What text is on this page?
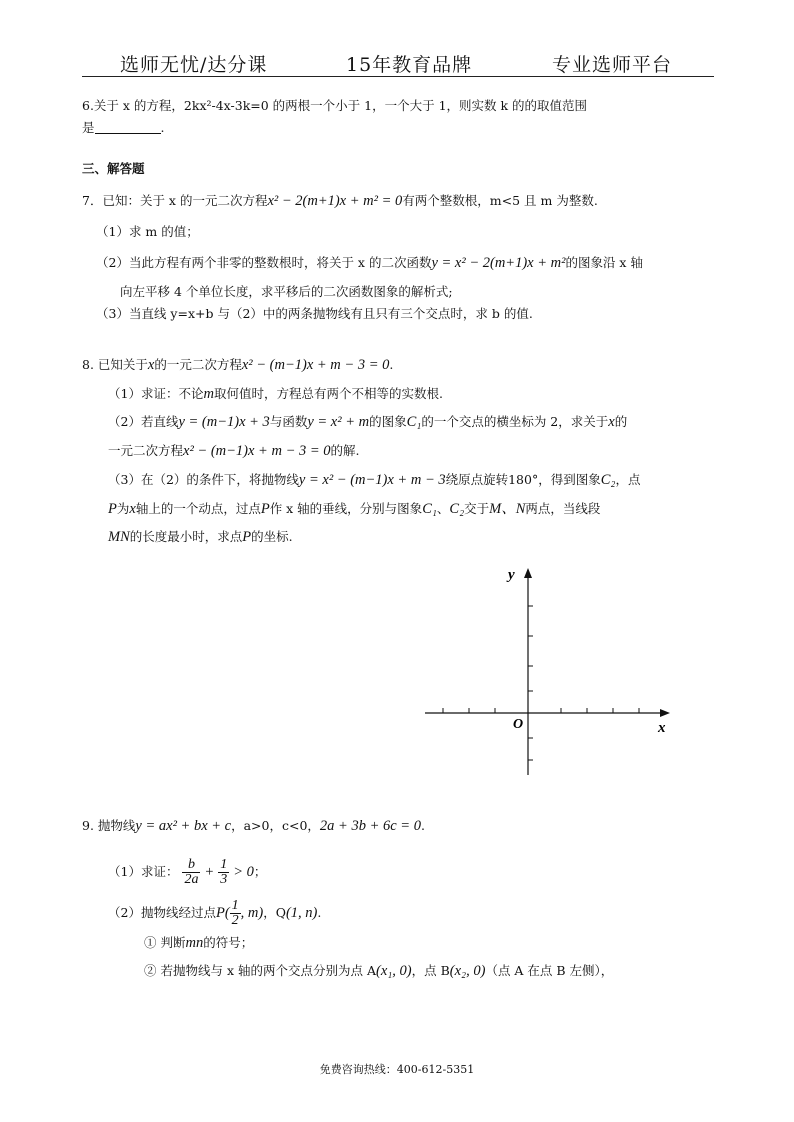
选师无忧/达分课	15年教育品牌	专业选师平台
6.关于 x 的方程，2kx²-4x-3k=0 的两根一个小于 1，一个大于 1，则实数 k 的的取值范围
是	.
三、解答题
7．已知：关于 x 的一元二次方程x² − 2(m+1)x + m² = 0有两个整数根，m<5 且 m 为整数.
（1）求 m 的值；
（2）当此方程有两个非零的整数根时，将关于 x 的二次函数y = x² − 2(m+1)x + m²的图象沿 x 轴
向左平移 4 个单位长度，求平移后的二次函数图象的解析式;
（3）当直线 y=x+b 与（2）中的两条抛物线有且只有三个交点时，求 b 的值.
8. 已知关于x的一元二次方程x² − (m−1)x + m − 3 = 0.
（1）求证：不论m取何值时，方程总有两个不相等的实数根.
（2）若直线y = (m−1)x + 3与函数y = x² + m的图象C₁的一个交点的横坐标为 2，求关于x的
一元二次方程x² − (m−1)x + m − 3 = 0的解.
（3）在（2）的条件下，将抛物线y = x² − (m−1)x + m − 3绕原点旋转180°，得到图象C₂，点
P为x轴上的一个动点，过点P作 x 轴的垂线，分别与图象C₁、C₂交于M、N两点，当线段
MN的长度最小时，求点P的坐标.
y
x
O
9. 抛物线y = ax² + bx + c，a>0，c<0，2a + 3b + 6c = 0.
（1）求证： $\frac{b}{2a} + \frac{1}{3} > 0$；
（2）抛物线经过点$P( \frac{1}{2}$ , m)，Q(1, n).
① 判断mn的符号；
② 若抛物线与 x 轴的两个交点分别为点 A(x₁, 0)，点 B(x₂, 0)（点 A 在点 B 左侧），
免费咨询热线：400-612-5351
